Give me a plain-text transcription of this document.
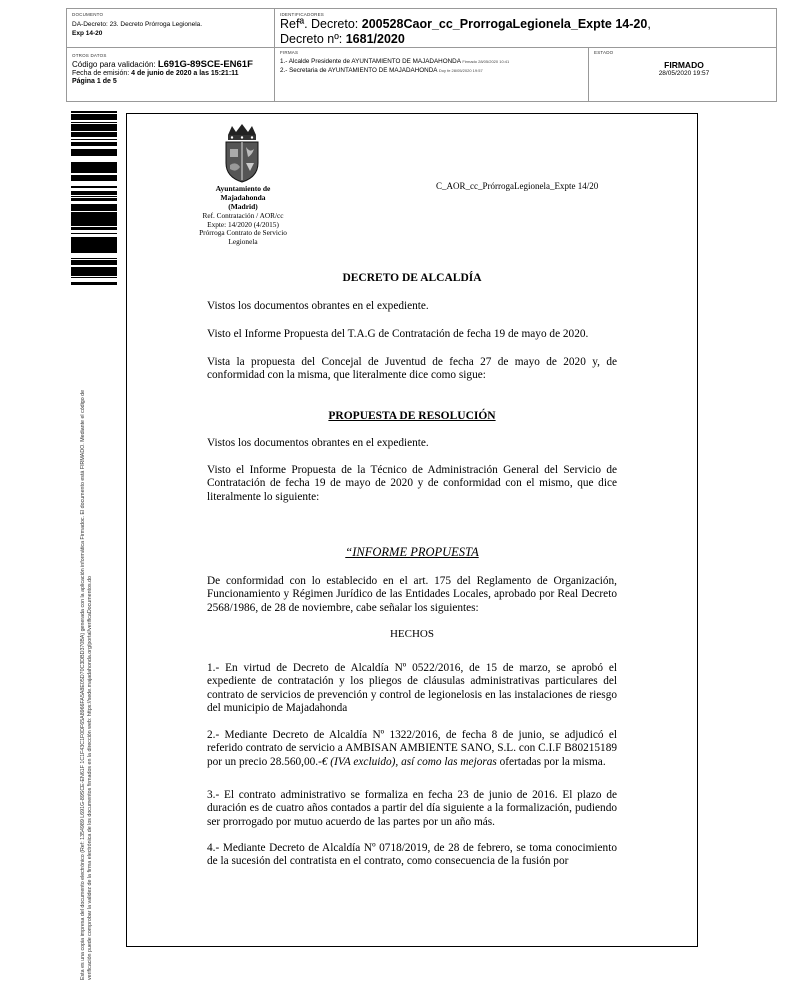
DOCUMENTO
DA-Decreto: 23. Decreto Prórroga Legionela.
Exp 14-20
IDENTIFICADORES
Refª. Decreto: 200528Caor_cc_ProrrogaLegionela_Expte 14-20,
Decreto nº: 1681/2020
OTROS DATOS
Código para validación: L691G-89SCE-EN61F
Fecha de emisión: 4 de junio de 2020 a las 15:21:11
Página 1 de 5
FIRMAS
1.- Alcalde Presidente de AYUNTAMIENTO DE MAJADAHONDA Firmado 28/05/2020 10:41
2.- Secretaria de AYUNTAMIENTO DE MAJADAHONDA Doy fe 28/05/2020 19:57
ESTADO
FIRMADO
28/05/2020 19:57
Esta es una copia impresa del documento electrónico (Ref: 1354989 L691G-89SCE-EN61F 1C1F43C1F0DF65A8966FA5A8E05D70C3DBD370BA) generada con la aplicación informática Firmadoc. El documento está FIRMADO. Mediante el código de verificación puede comprobar la validez de la firma electrónica de los documentos firmados en la dirección web: https://sede.majadahonda.org/portal/verificaDocumentos.do
Ayuntamiento de
Majadahonda
(Madrid)
Ref. Contratación / AOR/cc
Expte: 14/2020 (4/2015)
Prórroga Contrato de Servicio
Legionela
C_AOR_cc_PrórrogaLegionela_Expte 14/20
DECRETO DE ALCALDÍA
Vistos los documentos obrantes en el expediente.
Visto el Informe Propuesta del T.A.G de Contratación de fecha 19 de mayo de 2020.
Vista la propuesta del Concejal de Juventud de fecha 27 de mayo de 2020 y, de conformidad con la misma, que literalmente dice como sigue:
PROPUESTA DE RESOLUCIÓN
Vistos los documentos obrantes en el expediente.
Visto el Informe Propuesta de la Técnico de Administración General del Servicio de Contratación de fecha 19 de mayo de 2020 y de conformidad con el mismo, que dice literalmente lo siguiente:
“INFORME PROPUESTA
De conformidad con lo establecido en el art. 175 del Reglamento de Organización, Funcionamiento y Régimen Jurídico de las Entidades Locales, aprobado por Real Decreto 2568/1986, de 28 de noviembre, cabe señalar los siguientes:
HECHOS
1.- En virtud de Decreto de Alcaldía Nº 0522/2016, de 15 de marzo, se aprobó el expediente de contratación y los pliegos de cláusulas administrativas particulares del contrato de servicios de prevención y control de legionelosis en las instalaciones de riesgo del municipio de Majadahonda
2.- Mediante Decreto de Alcaldía Nº 1322/2016, de fecha 8 de junio, se adjudicó el referido contrato de servicio a AMBISAN AMBIENTE SANO, S.L. con C.I.F B80215189 por un precio 28.560,00.-€ (IVA excluido), así como las mejoras ofertadas por la misma.
3.- El contrato administrativo se formaliza en fecha 23 de junio de 2016. El plazo de duración es de cuatro años contados a partir del día siguiente a la formalización, pudiendo ser prorrogado por mutuo acuerdo de las partes por un año más.
4.- Mediante Decreto de Alcaldía Nº 0718/2019, de 28 de febrero, se toma conocimiento de la sucesión del contratista en el contrato, como consecuencia de la fusión por
